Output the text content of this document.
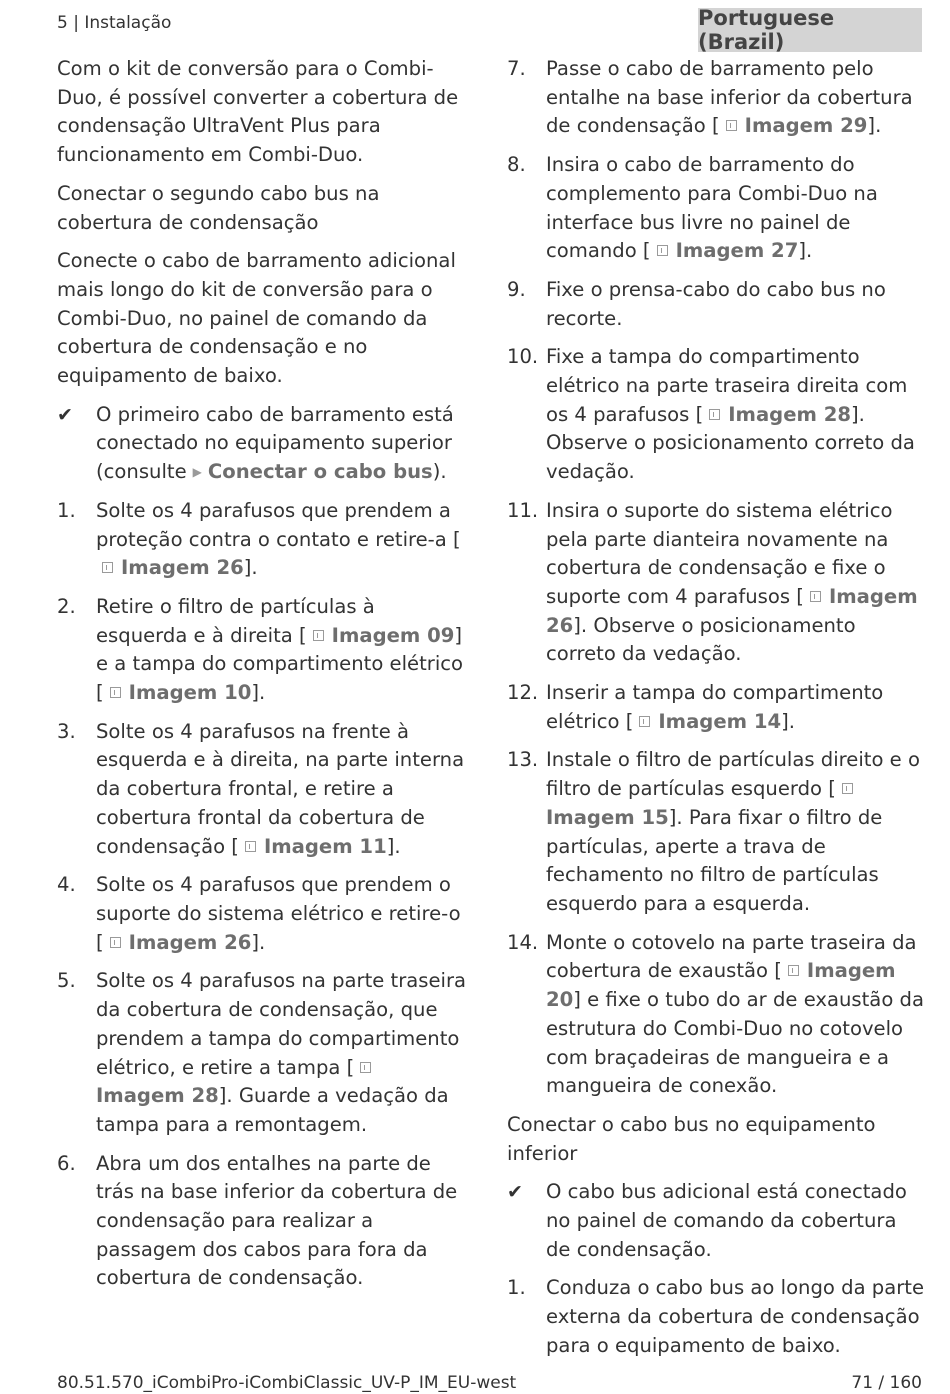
5 | Instalação	Portuguese (Brazil)

Com o kit de conversão para o Combi-Duo, é possível converter a cobertura de condensação UltraVent Plus para funcionamento em Combi-Duo.

Conectar o segundo cabo bus na cobertura de condensação

Conecte o cabo de barramento adicional mais longo do kit de conversão para o Combi-Duo, no painel de comando da cobertura de condensação e no equipamento de baixo.

✔	O primeiro cabo de barramento está conectado no equipamento superior (consulte ▶ Conectar o cabo bus).
1.	Solte os 4 parafusos que prendem a proteção contra o contato e retire-a [Imagem 26].
2.	Retire o filtro de partículas à esquerda e à direita [ Imagem 09] e a tampa do compartimento elétrico [ Imagem 10].
3.	Solte os 4 parafusos na frente à esquerda e à direita, na parte interna da cobertura frontal, e retire a cobertura frontal da cobertura de condensação [ Imagem 11].
4.	Solte os 4 parafusos que prendem o suporte do sistema elétrico e retire-o [ Imagem 26].
5.	Solte os 4 parafusos na parte traseira da cobertura de condensação, que prendem a tampa do compartimento elétrico, e retire a tampa [Imagem 28]. Guarde a vedação da tampa para a remontagem.
6.	Abra um dos entalhes na parte de trás na base inferior da cobertura de condensação para realizar a passagem dos cabos para fora da cobertura de condensação.
7.	Passe o cabo de barramento pelo entalhe na base inferior da cobertura de condensação [ Imagem 29].
8.	Insira o cabo de barramento do complemento para Combi-Duo na interface bus livre no painel de comando [ Imagem 27].
9.	Fixe o prensa-cabo do cabo bus no recorte.
10. Fixe a tampa do compartimento elétrico na parte traseira direita com os 4 parafusos [ Imagem 28]. Observe o posicionamento correto da vedação.
11. Insira o suporte do sistema elétrico pela parte dianteira novamente na cobertura de condensação e fixe o suporte com 4 parafusos [ Imagem 26]. Observe o posicionamento correto da vedação.
12. Inserir a tampa do compartimento elétrico [ Imagem 14].
13. Instale o filtro de partículas direito e o filtro de partículas esquerdo [Imagem 15]. Para fixar o filtro de partículas, aperte a trava de fechamento no filtro de partículas esquerdo para a esquerda.
14. Monte o cotovelo na parte traseira da cobertura de exaustão [ Imagem 20] e fixe o tubo do ar de exaustão da estrutura do Combi-Duo no cotovelo com braçadeiras de mangueira e a mangueira de conexão.

Conectar o cabo bus no equipamento inferior

✔	O cabo bus adicional está conectado no painel de comando da cobertura de condensação.
1.	Conduza o cabo bus ao longo da parte externa da cobertura de condensação para o equipamento de baixo.
80.51.570_iCombiPro-iCombiClassic_UV-P_IM_EU-west	71 / 160
